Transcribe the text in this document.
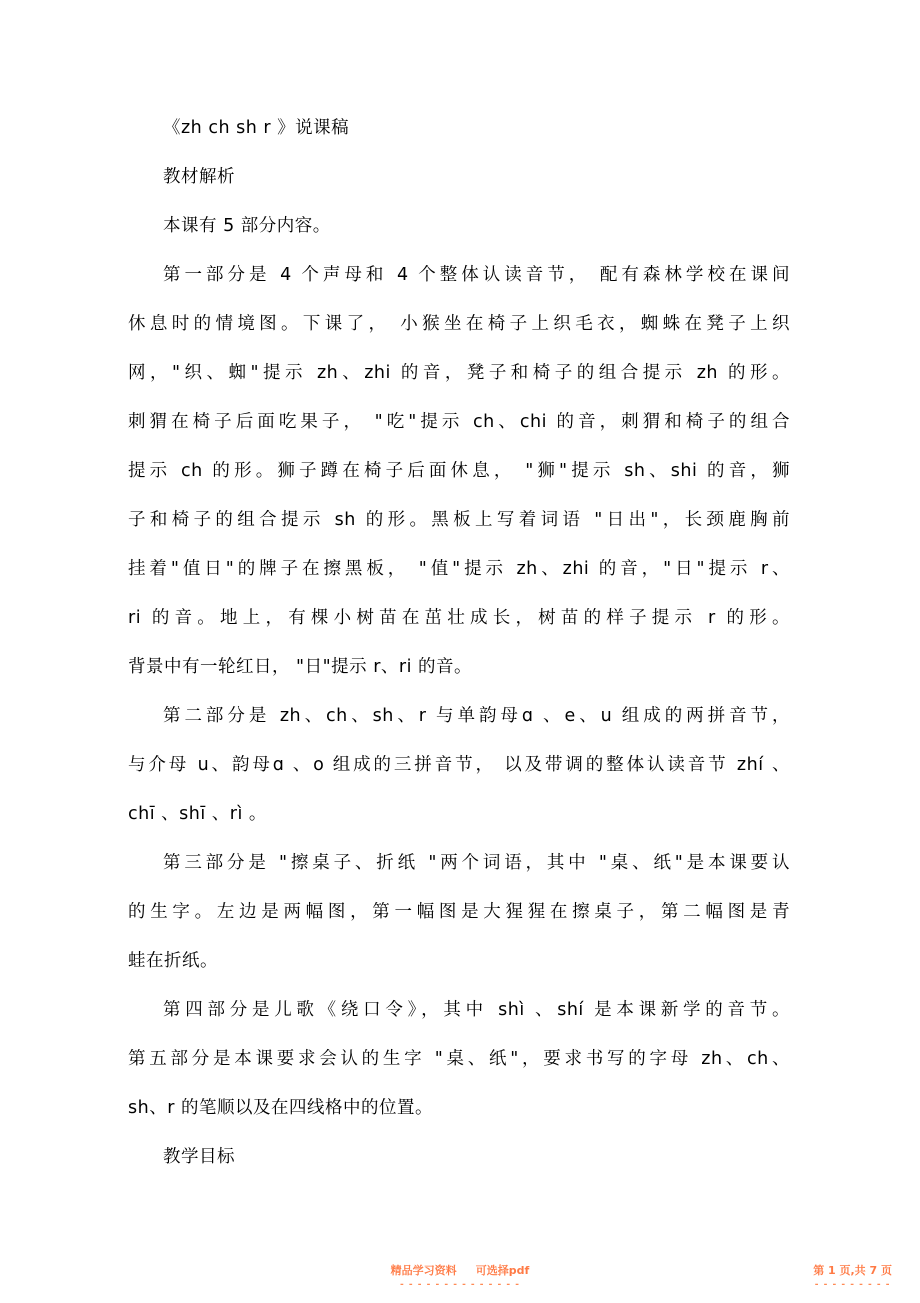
《zh ch sh r 》说课稿
教材解析
本课有 5 部分内容。
第一部分是 4 个声母和 4 个整体认读音节， 配有森林学校在课间
休息时的情境图。下课了， 小猴坐在椅子上织毛衣，蜘蛛在凳子上织
网，"织、蜘"提示 zh、zhi 的音，凳子和椅子的组合提示 zh 的形。
刺猬在椅子后面吃果子， "吃"提示 ch、chi 的音，刺猬和椅子的组合
提示 ch 的形。狮子蹲在椅子后面休息， "狮"提示 sh、shi 的音，狮
子和椅子的组合提示 sh 的形。黑板上写着词语 "日出"，长颈鹿胸前
挂着"值日"的牌子在擦黑板， "值"提示 zh、zhi 的音，"日"提示 r、
ri 的音。地上，有棵小树苗在茁壮成长，树苗的样子提示 r 的形。
背景中有一轮红日， "日"提示 r、ri 的音。
第二部分是 zh、ch、sh、r 与单韵母ɑ 、e、u 组成的两拼音节，
与介母 u、韵母ɑ 、o 组成的三拼音节， 以及带调的整体认读音节 zhí 、
chī 、shī 、rì 。
第三部分是 "擦桌子、折纸 "两个词语，其中 "桌、纸"是本课要认
的生字。左边是两幅图，第一幅图是大猩猩在擦桌子，第二幅图是青
蛙在折纸。
第四部分是儿歌《绕口令》，其中 shì 、shí 是本课新学的音节。
第五部分是本课要求会认的生字 "桌、纸"，要求书写的字母 zh、ch、
sh、r 的笔顺以及在四线格中的位置。
教学目标
精品学习资料     可选择pdf
- - - - - - - - - - - - - -
第 1 页,共 7 页
- - - - - - - - -
